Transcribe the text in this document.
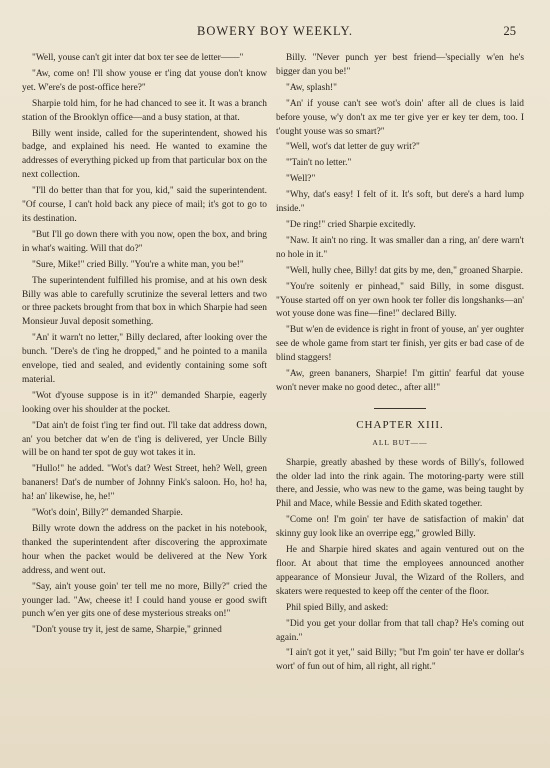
BOWERY BOY WEEKLY.	25

"Well, youse can't git inter dat box ter see de letter——"

"Aw, come on! I'll show youse er t'ing dat youse don't know yet. W'ere's de post-office here?"

Sharpie told him, for he had chanced to see it. It was a branch station of the Brooklyn office—and a busy station, at that.

Billy went inside, called for the superintendent, showed his badge, and explained his need. He wanted to examine the addresses of everything picked up from that particular box on the next collection.

"I'll do better than that for you, kid," said the superintendent. "Of course, I can't hold back any piece of mail; it's got to go to its destination.

"But I'll go down there with you now, open the box, and bring in what's waiting. Will that do?"

"Sure, Mike!" cried Billy. "You're a white man, you be!"

The superintendent fulfilled his promise, and at his own desk Billy was able to carefully scrutinize the several letters and two or three packets brought from that box in which Sharpie had seen Monsieur Juval deposit something.

"An' it warn't no letter," Billy declared, after looking over the bunch. "Dere's de t'ing he dropped," and he pointed to a manila envelope, tied and sealed, and evidently containing some soft material.

"Wot d'youse suppose is in it?" demanded Sharpie, eagerly looking over his shoulder at the pocket.

"Dat ain't de foist t'ing ter find out. I'll take dat address down, an' you betcher dat w'en de t'ing is delivered, yer Uncle Billy will be on hand ter spot de guy wot takes it in.

"Hullo!" he added. "Wot's dat? West Street, heh? Well, green bananers! Dat's de number of Johnny Fink's saloon. Ho, ho! ha, ha! an' likewise, he, he!"

"Wot's doin', Billy?" demanded Sharpie.

Billy wrote down the address on the packet in his notebook, thanked the superintendent after discovering the approximate hour when the packet would be delivered at the New York address, and went out.

"Say, ain't youse goin' ter tell me no more, Billy?" cried the younger lad. "Aw, cheese it! I could hand youse er good swift punch w'en yer gits one of dese mysterious streaks on!"

"Don't youse try it, jest de same, Sharpie," grinned

Billy. "Never punch yer best friend—'specially w'en he's bigger dan you be!"

"Aw, splash!"

"An' if youse can't see wot's doin' after all de clues is laid before youse, w'y don't ax me ter give yer er key ter dem, too. I t'ought youse was so smart?"

"Well, wot's dat letter de guy writ?"

"'Tain't no letter."

"Well?"

"Why, dat's easy! I felt of it. It's soft, but dere's a hard lump inside."

"De ring!" cried Sharpie excitedly.

"Naw. It ain't no ring. It was smaller dan a ring, an' dere warn't no hole in it."

"Well, hully chee, Billy! dat gits by me, den," groaned Sharpie.

"You're soitenly er pinhead," said Billy, in some disgust. "Youse started off on yer own hook ter foller dis longshanks—an' wot youse done was fine—fine!" declared Billy.

"But w'en de evidence is right in front of youse, an' yer oughter see de whole game from start ter finish, yer gits er bad case of de blind staggers!

"Aw, green bananers, Sharpie! I'm gittin' fearful dat youse won't never make no good detec., after all!"

CHAPTER XIII.
ALL BUT——

Sharpie, greatly abashed by these words of Billy's, followed the older lad into the rink again. The motoring-party were still there, and Jessie, who was new to the game, was being taught by Phil and Mace, while Bessie and Edith skated together.

"Come on! I'm goin' ter have de satisfaction of makin' dat skinny guy look like an overripe egg," growled Billy.

He and Sharpie hired skates and again ventured out on the floor. At about that time the employees announced another appearance of Monsieur Juval, the Wizard of the Rollers, and skaters were requested to keep off the center of the floor.

Phil spied Billy, and asked:

"Did you get your dollar from that tall chap? He's coming out again."

"I ain't got it yet," said Billy; "but I'm goin' ter have er dollar's wort' of fun out of him, all right, all right."
